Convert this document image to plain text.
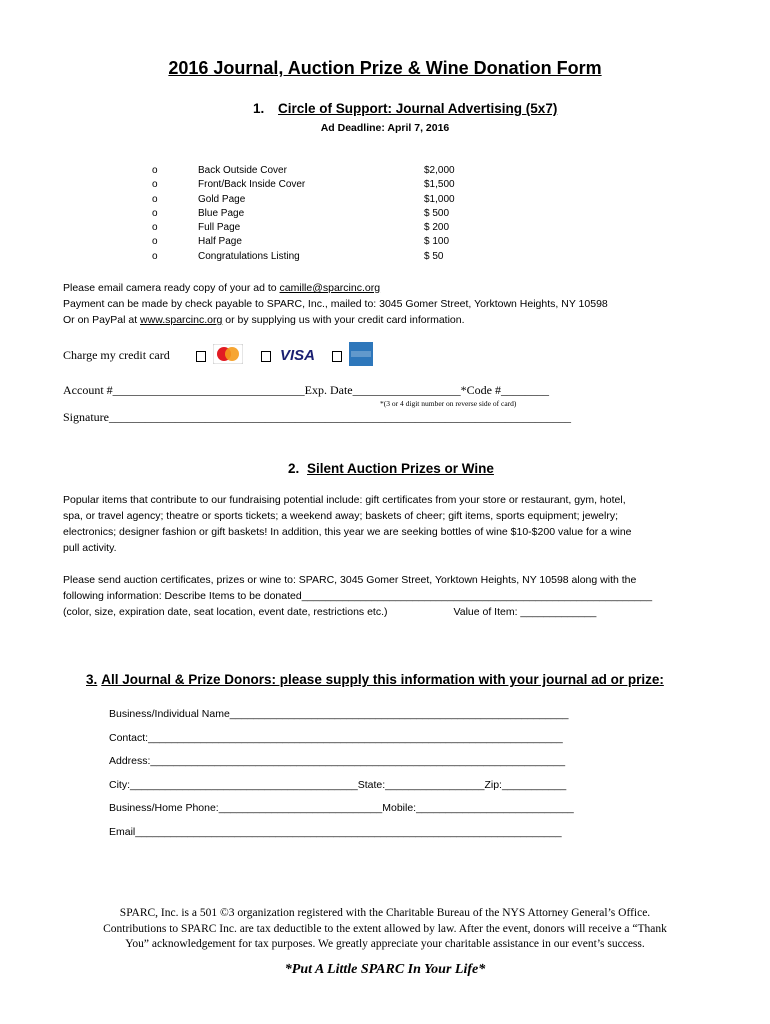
2016 Journal, Auction Prize & Wine Donation Form
1. Circle of Support: Journal Advertising (5x7)
Ad Deadline: April 7, 2016
o	Back Outside Cover	$2,000
o	Front/Back Inside Cover	$1,500
o	Gold Page	$1,000
o	Blue Page	$ 500
o	Full Page	$ 200
o	Half Page	$ 100
o	Congratulations Listing	$ 50
Please email camera ready copy of your ad to camille@sparcinc.org
Payment can be made by check payable to SPARC, Inc., mailed to: 3045 Gomer Street, Yorktown Heights, NY 10598
Or on PayPal at www.sparcinc.org or by supplying us with your credit card information.
Charge my credit card	VISA

Account #________________________________Exp. Date__________________*Code #________
*(3 or 4 digit number on reverse side of card)
Signature_____________________________________________________________________________
2. Silent Auction Prizes or Wine
Popular items that contribute to our fundraising potential include: gift certificates from your store or restaurant, gym, hotel,
spa, or travel agency; theatre or sports tickets; a weekend away; baskets of cheer; gift items, sports equipment; jewelry;
electronics; designer fashion or gift baskets! In addition, this year we are seeking bottles of wine $10-$200 value for a wine
pull activity.
Please send auction certificates, prizes or wine to: SPARC, 3045 Gomer Street, Yorktown Heights, NY 10598 along with the
following information: Describe Items to be donated____________________________________________________________
(color, size, expiration date, seat location, event date, restrictions etc.)	Value of Item: _____________
3. All Journal & Prize Donors: please supply this information with your journal ad or prize:
Business/Individual Name__________________________________________________________
Contact:_______________________________________________________________________
Address:_______________________________________________________________________
City:_______________________________________State:_________________Zip:___________
Business/Home Phone:____________________________Mobile:___________________________
Email_________________________________________________________________________
SPARC, Inc. is a 501 ©3 organization registered with the Charitable Bureau of the NYS Attorney General’s Office.
Contributions to SPARC Inc. are tax deductible to the extent allowed by law. After the event, donors will receive a “Thank
You” acknowledgement for tax purposes. We greatly appreciate your charitable assistance in our event’s success.
*Put A Little SPARC In Your Life*
